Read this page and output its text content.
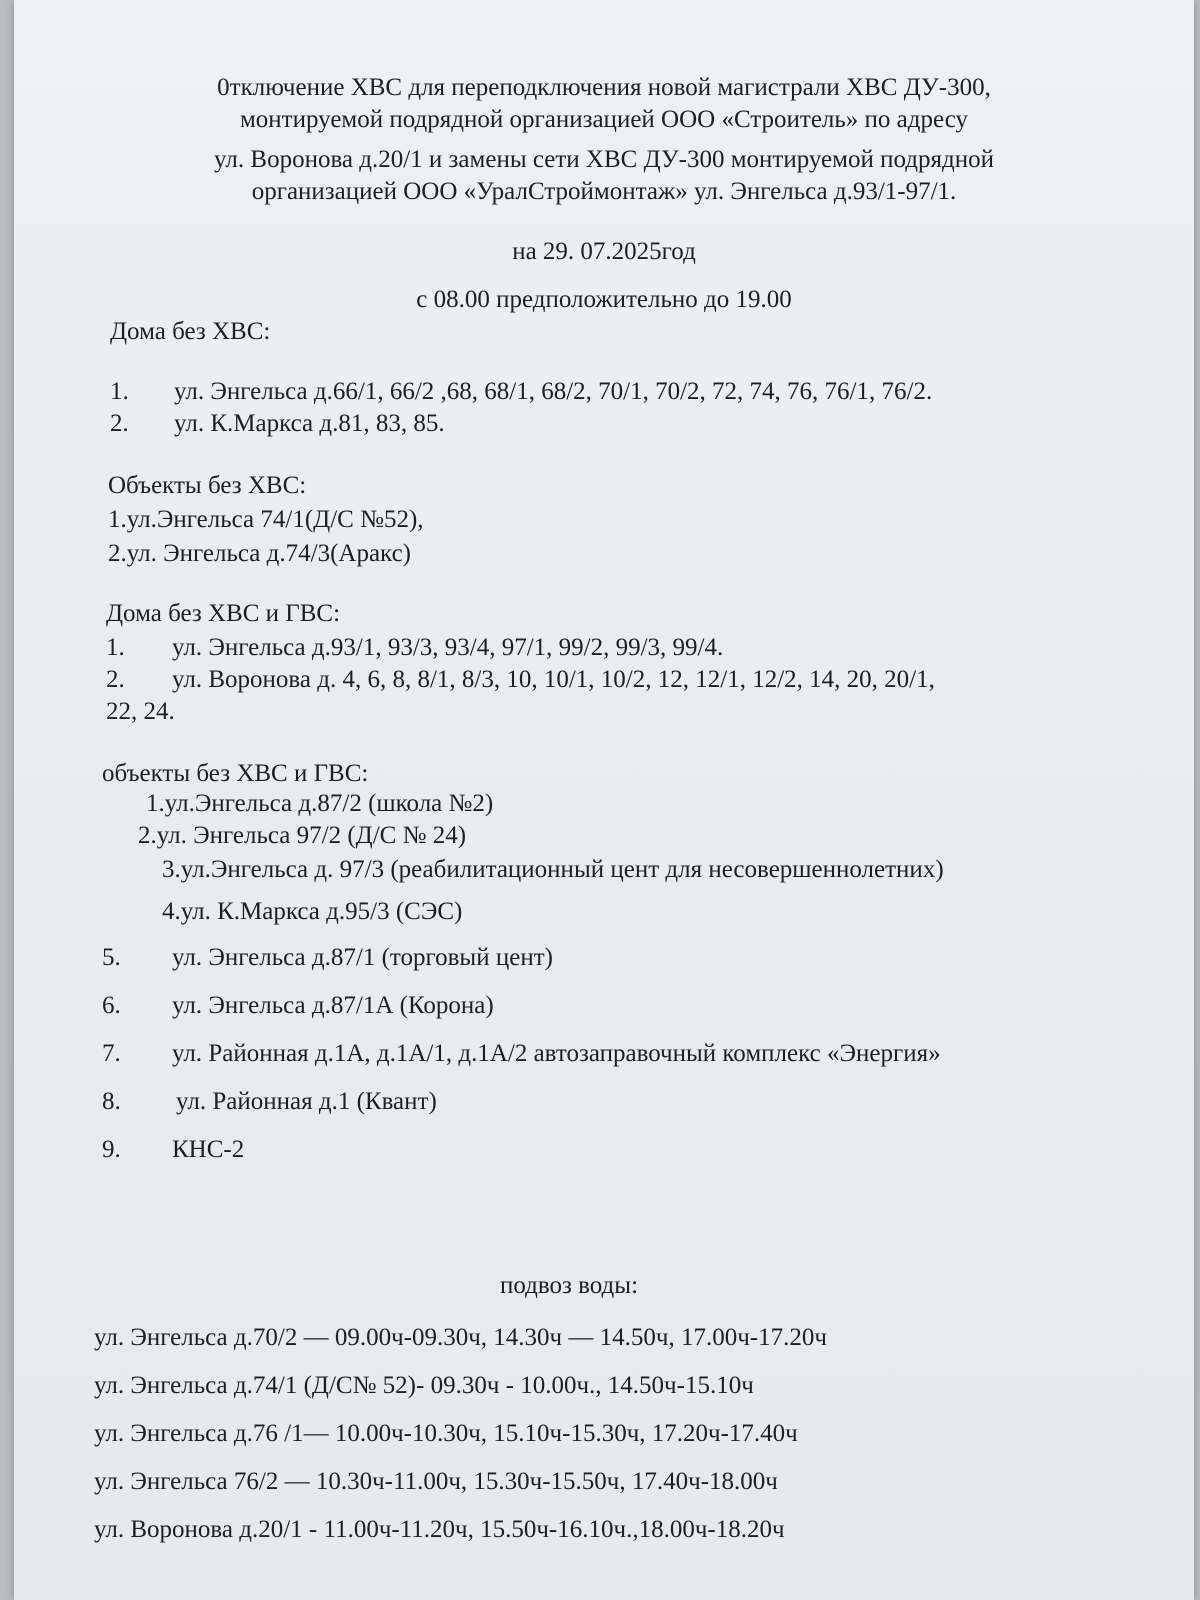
0тключение ХВС для переподключения новой магистрали ХВС ДУ-300,
монтируемой подрядной организацией ООО «Строитель» по адресу
ул. Воронова д.20/1 и замены сети ХВС ДУ-300 монтируемой подрядной
организацией ООО «УралСтроймонтаж» ул. Энгельса д.93/1-97/1.
на 29. 07.2025год
с 08.00 предположительно до 19.00
Дома без ХВС:
1. ул. Энгельса д.66/1, 66/2 ,68, 68/1, 68/2, 70/1, 70/2, 72, 74, 76, 76/1, 76/2.
2. ул. К.Маркса д.81, 83, 85.
Объекты без ХВС:
1.ул.Энгельса 74/1(Д/С №52),
2.ул. Энгельса д.74/3(Аракс)
Дома без ХВС и ГВС:
1. ул. Энгельса д.93/1, 93/3, 93/4, 97/1, 99/2, 99/3, 99/4.
2. ул. Воронова д. 4, 6, 8, 8/1, 8/3, 10, 10/1, 10/2, 12, 12/1, 12/2, 14, 20, 20/1,
22, 24.
объекты без ХВС и ГВС:
1.ул.Энгельса д.87/2 (школа №2)
2.ул. Энгельса 97/2 (Д/С № 24)
3.ул.Энгельса д. 97/3 (реабилитационный цент для несовершеннолетних)
4.ул. К.Маркса д.95/3 (СЭС)
5. ул. Энгельса д.87/1 (торговый цент)
6. ул. Энгельса д.87/1А (Корона)
7. ул. Районная д.1А, д.1А/1, д.1А/2 автозаправочный комплекс «Энергия»
8. ул. Районная д.1 (Квант)
9. КНС-2
подвоз воды:
ул. Энгельса д.70/2 — 09.00ч-09.30ч, 14.30ч — 14.50ч, 17.00ч-17.20ч
ул. Энгельса д.74/1 (Д/С№ 52)- 09.30ч - 10.00ч., 14.50ч-15.10ч
ул. Энгельса д.76 /1— 10.00ч-10.30ч, 15.10ч-15.30ч, 17.20ч-17.40ч
ул. Энгельса 76/2 — 10.30ч-11.00ч, 15.30ч-15.50ч, 17.40ч-18.00ч
ул. Воронова д.20/1 - 11.00ч-11.20ч, 15.50ч-16.10ч.,18.00ч-18.20ч
